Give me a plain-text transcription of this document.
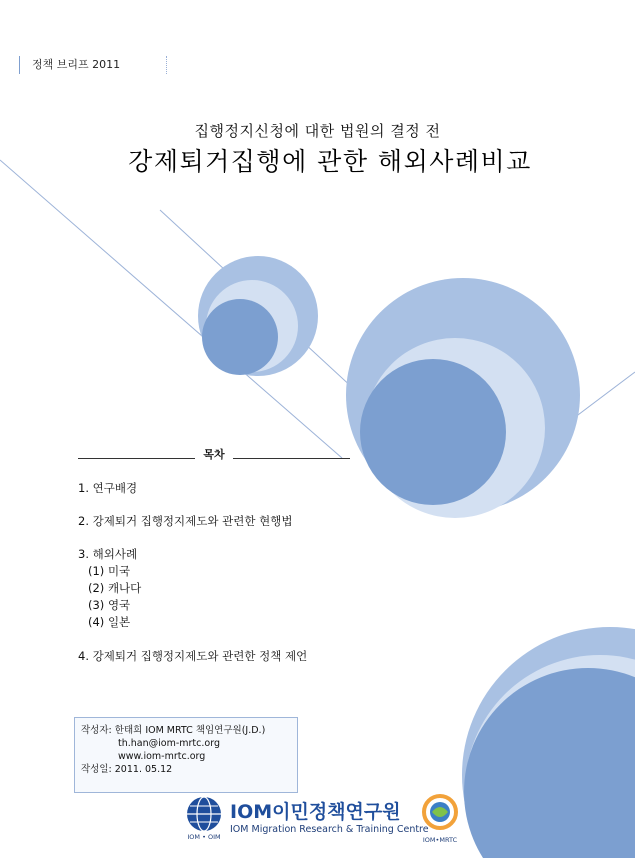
정책 브리프 2011
집행정지신청에 대한 법원의 결정 전
강제퇴거집행에 관한 해외사례비교
목차
1. 연구배경
2. 강제퇴거 집행정지제도와 관련한 현행법
3. 해외사례
(1) 미국
(2) 캐나다
(3) 영국
(4) 일본
4. 강제퇴거 집행정지제도와 관련한 정책 제언
작성자: 한태희 IOM MRTC 책임연구원(J.D.)
th.han@iom-mrtc.org
www.iom-mrtc.org
작성일: 2011. 05.12
IOM • OIM
IOM이민정책연구원
IOM Migration Research & Training Centre
IOM•MRTC
